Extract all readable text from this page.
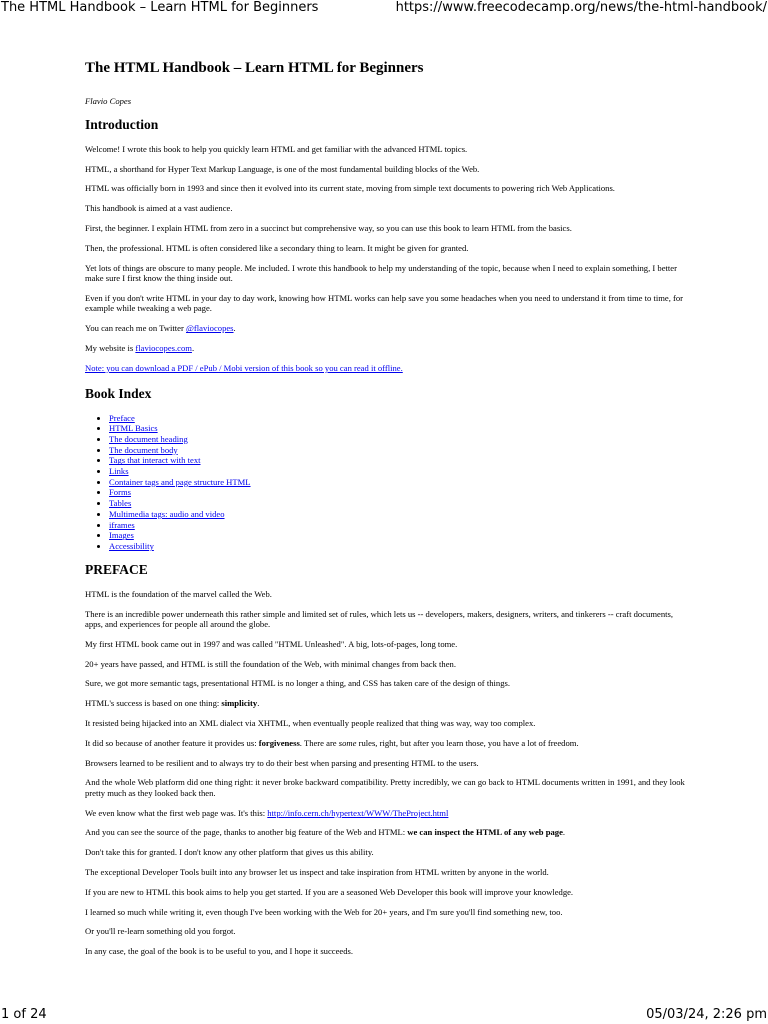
The HTML Handbook – Learn HTML for Beginners	https://www.freecodecamp.org/news/the-html-handbook/
The HTML Handbook – Learn HTML for Beginners

Flavio Copes

Introduction

Welcome! I wrote this book to help you quickly learn HTML and get familiar with the advanced HTML topics.

HTML, a shorthand for Hyper Text Markup Language, is one of the most fundamental building blocks of the Web.

HTML was officially born in 1993 and since then it evolved into its current state, moving from simple text documents to powering rich Web Applications.

This handbook is aimed at a vast audience.

First, the beginner. I explain HTML from zero in a succinct but comprehensive way, so you can use this book to learn HTML from the basics.

Then, the professional. HTML is often considered like a secondary thing to learn. It might be given for granted.

Yet lots of things are obscure to many people. Me included. I wrote this handbook to help my understanding of the topic, because when I need to explain something, I better make sure I first know the thing inside out.

Even if you don't write HTML in your day to day work, knowing how HTML works can help save you some headaches when you need to understand it from time to time, for example while tweaking a web page.

You can reach me on Twitter @flaviocopes.

My website is flaviocopes.com.

Note: you can download a PDF / ePub / Mobi version of this book so you can read it offline.

Book Index
• Preface
• HTML Basics
• The document heading
• The document body
• Tags that interact with text
• Links
• Container tags and page structure HTML
• Forms
• Tables
• Multimedia tags: audio and video
• iframes
• Images
• Accessibility
PREFACE

HTML is the foundation of the marvel called the Web.

There is an incredible power underneath this rather simple and limited set of rules, which lets us -- developers, makers, designers, writers, and tinkerers -- craft documents, apps, and experiences for people all around the globe.

My first HTML book came out in 1997 and was called "HTML Unleashed". A big, lots-of-pages, long tome.

20+ years have passed, and HTML is still the foundation of the Web, with minimal changes from back then.

Sure, we got more semantic tags, presentational HTML is no longer a thing, and CSS has taken care of the design of things.

HTML's success is based on one thing: simplicity.

It resisted being hijacked into an XML dialect via XHTML, when eventually people realized that thing was way, way too complex.

It did so because of another feature it provides us: forgiveness. There are some rules, right, but after you learn those, you have a lot of freedom.

Browsers learned to be resilient and to always try to do their best when parsing and presenting HTML to the users.

And the whole Web platform did one thing right: it never broke backward compatibility. Pretty incredibly, we can go back to HTML documents written in 1991, and they look pretty much as they looked back then.

We even know what the first web page was. It's this: http://info.cern.ch/hypertext/WWW/TheProject.html

And you can see the source of the page, thanks to another big feature of the Web and HTML: we can inspect the HTML of any web page.

Don't take this for granted. I don't know any other platform that gives us this ability.

The exceptional Developer Tools built into any browser let us inspect and take inspiration from HTML written by anyone in the world.

If you are new to HTML this book aims to help you get started. If you are a seasoned Web Developer this book will improve your knowledge.

I learned so much while writing it, even though I've been working with the Web for 20+ years, and I'm sure you'll find something new, too.

Or you'll re-learn something old you forgot.

In any case, the goal of the book is to be useful to you, and I hope it succeeds.

1 of 24	05/03/24, 2:26 pm
